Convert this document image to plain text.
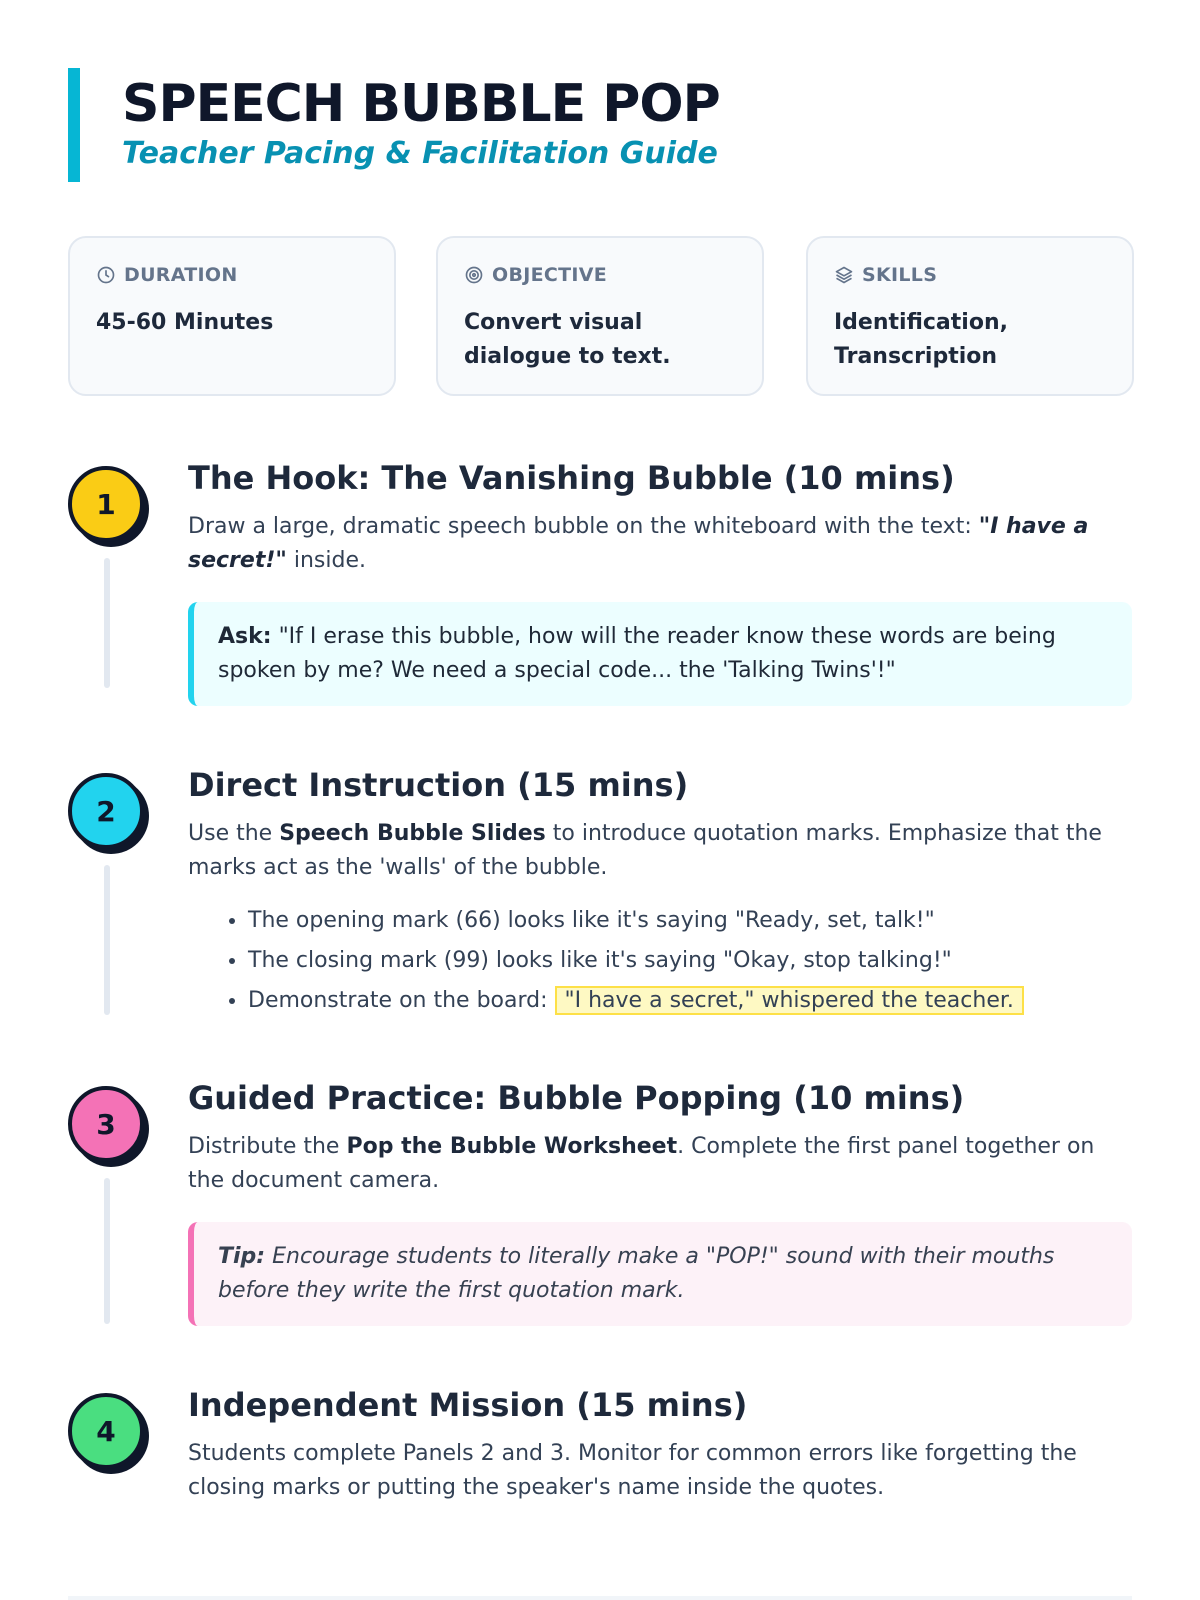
SPEECH BUBBLE POP
Teacher Pacing & Facilitation Guide
DURATION
45-60 Minutes
OBJECTIVE
Convert visual dialogue to text.
SKILLS
Identification, Transcription
1
The Hook: The Vanishing Bubble (10 mins)
Draw a large, dramatic speech bubble on the whiteboard with the text: "I have a secret!" inside.
Ask: "If I erase this bubble, how will the reader know these words are being spoken by me? We need a special code... the 'Talking Twins'!"
2
Direct Instruction (15 mins)
Use the Speech Bubble Slides to introduce quotation marks. Emphasize that the marks act as the 'walls' of the bubble.
• The opening mark (66) looks like it's saying "Ready, set, talk!"
• The closing mark (99) looks like it's saying "Okay, stop talking!"
• Demonstrate on the board: "I have a secret," whispered the teacher.
3
Guided Practice: Bubble Popping (10 mins)
Distribute the Pop the Bubble Worksheet. Complete the first panel together on the document camera.
Tip: Encourage students to literally make a "POP!" sound with their mouths before they write the first quotation mark.
4
Independent Mission (15 mins)
Students complete Panels 2 and 3. Monitor for common errors like forgetting the closing marks or putting the speaker's name inside the quotes.
